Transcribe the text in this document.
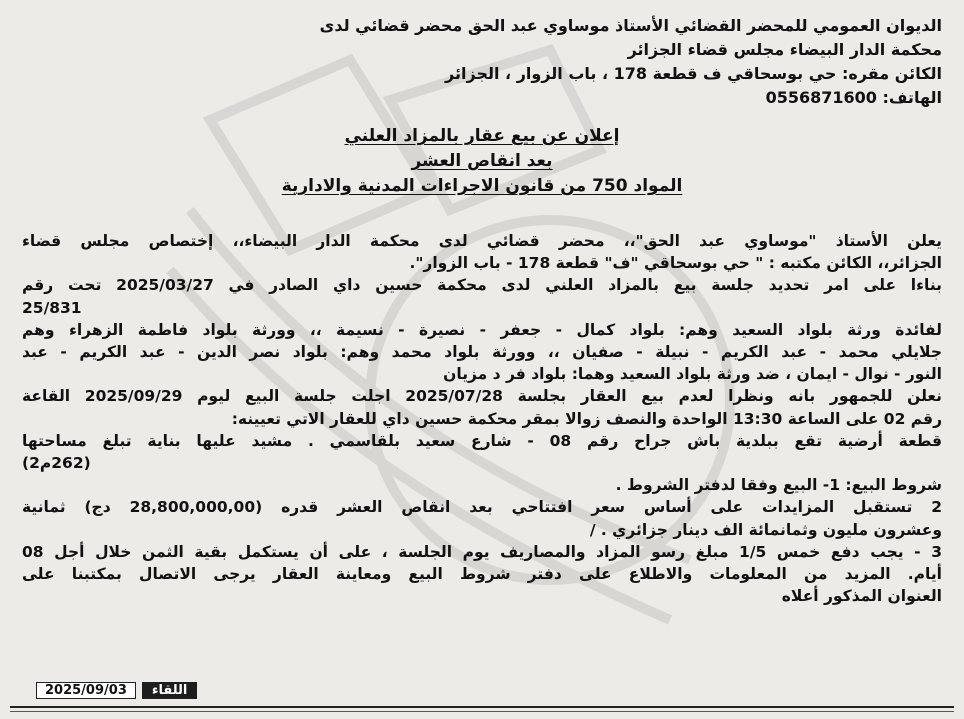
الديوان العمومي للمحضر القضائي الأستاذ موساوي عبد الحق محضر قضائي لدى
محكمة الدار البيضاء مجلس قضاء الجزائر
الكائن مقره: حي بوسحاقي ف قطعة 178 ، باب الزوار ، الجزائر
الهاتف: 0556871600
إعلان عن بيع عقار بالمزاد العلني
بعد انقاص العشر
المواد 750 من قانون الاجراءات المدنية والادارية
يعلن الأستاذ "موساوي عبد الحق"،، محضر قضائي لدى محكمة الدار البيضاء،، إختصاص مجلس قضاء
الجزائر،، الكائن مكتبه : " حي بوسحاقي "ف" قطعة 178 - باب الزوار".
بناءا على امر تحديد جلسة بيع بالمزاد العلني لدى محكمة حسين داي الصادر في 2025/03/27 تحت رقم
25/831
لفائدة ورثة بلواد السعيد وهم: بلواد كمال - جعفر - نصيرة - نسيمة ،، وورثة بلواد فاطمة الزهراء وهم
جلايلي محمد - عبد الكريم - نبيلة - صفيان ،، وورثة بلواد محمد وهم: بلواد نصر الدين - عبد الكريم - عبد
النور - نوال - ايمان ، ضد ورثة بلواد السعيد وهما: بلواد فر د مزيان
نعلن للجمهور بانه ونظرا لعدم بيع العقار بجلسة 2025/07/28 اجلت جلسة البيع ليوم 2025/09/29 القاعة
رقم 02 على الساعة 13:30 الواحدة والنصف زوالا بمقر محكمة حسين داي للعقار الاتي تعيينه:
قطعة أرضية تقع ببلدية باش جراح رقم 08 - شارع سعيد بلقاسمي . مشيد عليها بناية تبلغ مساحتها
(262م2)
شروط البيع: 1- البيع وفقا لدفتر الشروط .
2 تستقبل المزايدات على أساس سعر افتتاحي بعد انقاص العشر قدره (28,800,000,00 دج) ثمانية
وعشرون مليون وثمانمائة الف دينار جزائري . /
3 - يجب دفع خمس 1/5 مبلغ رسو المزاد والمصاريف يوم الجلسة ، على أن يستكمل بقية الثمن خلال أجل 08
أيام. المزيد من المعلومات والاطلاع على دفتر شروط البيع ومعاينة العقار يرجى الاتصال بمكتبنا على
العنوان المذكور أعلاه
2025/09/03	اللقاء
